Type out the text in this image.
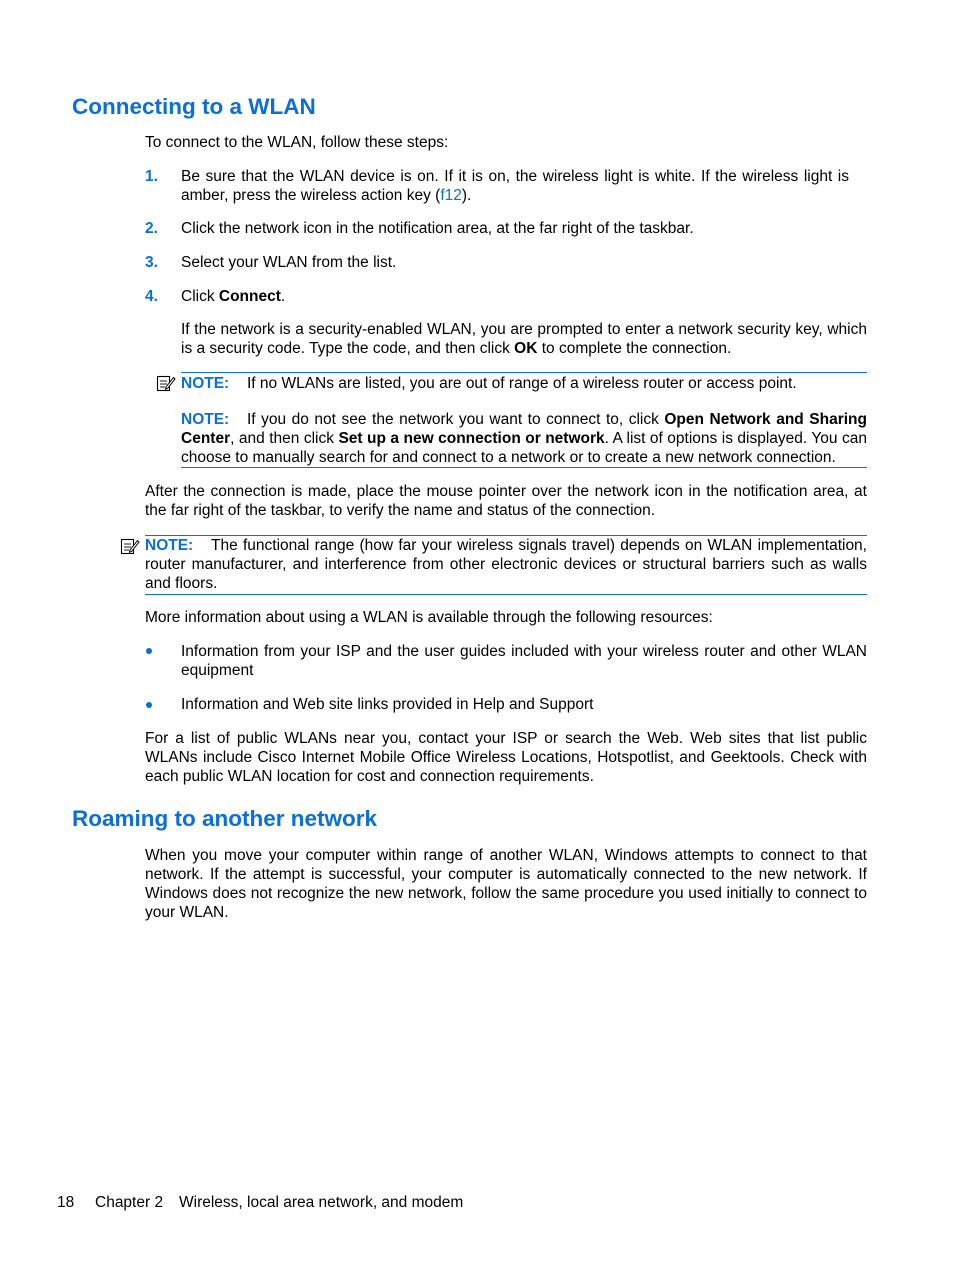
Connecting to a WLAN
To connect to the WLAN, follow these steps:
1. Be sure that the WLAN device is on. If it is on, the wireless light is white. If the wireless light is amber, press the wireless action key (f12).
2. Click the network icon in the notification area, at the far right of the taskbar.
3. Select your WLAN from the list.
4. Click Connect.
If the network is a security-enabled WLAN, you are prompted to enter a network security key, which is a security code. Type the code, and then click OK to complete the connection.
NOTE: If no WLANs are listed, you are out of range of a wireless router or access point.
NOTE: If you do not see the network you want to connect to, click Open Network and Sharing Center, and then click Set up a new connection or network. A list of options is displayed. You can choose to manually search for and connect to a network or to create a new network connection.
After the connection is made, place the mouse pointer over the network icon in the notification area, at the far right of the taskbar, to verify the name and status of the connection.
NOTE: The functional range (how far your wireless signals travel) depends on WLAN implementation, router manufacturer, and interference from other electronic devices or structural barriers such as walls and floors.
More information about using a WLAN is available through the following resources:
Information from your ISP and the user guides included with your wireless router and other WLAN equipment
Information and Web site links provided in Help and Support
For a list of public WLANs near you, contact your ISP or search the Web. Web sites that list public WLANs include Cisco Internet Mobile Office Wireless Locations, Hotspotlist, and Geektools. Check with each public WLAN location for cost and connection requirements.
Roaming to another network
When you move your computer within range of another WLAN, Windows attempts to connect to that network. If the attempt is successful, your computer is automatically connected to the new network. If Windows does not recognize the new network, follow the same procedure you used initially to connect to your WLAN.
18 Chapter 2 Wireless, local area network, and modem
